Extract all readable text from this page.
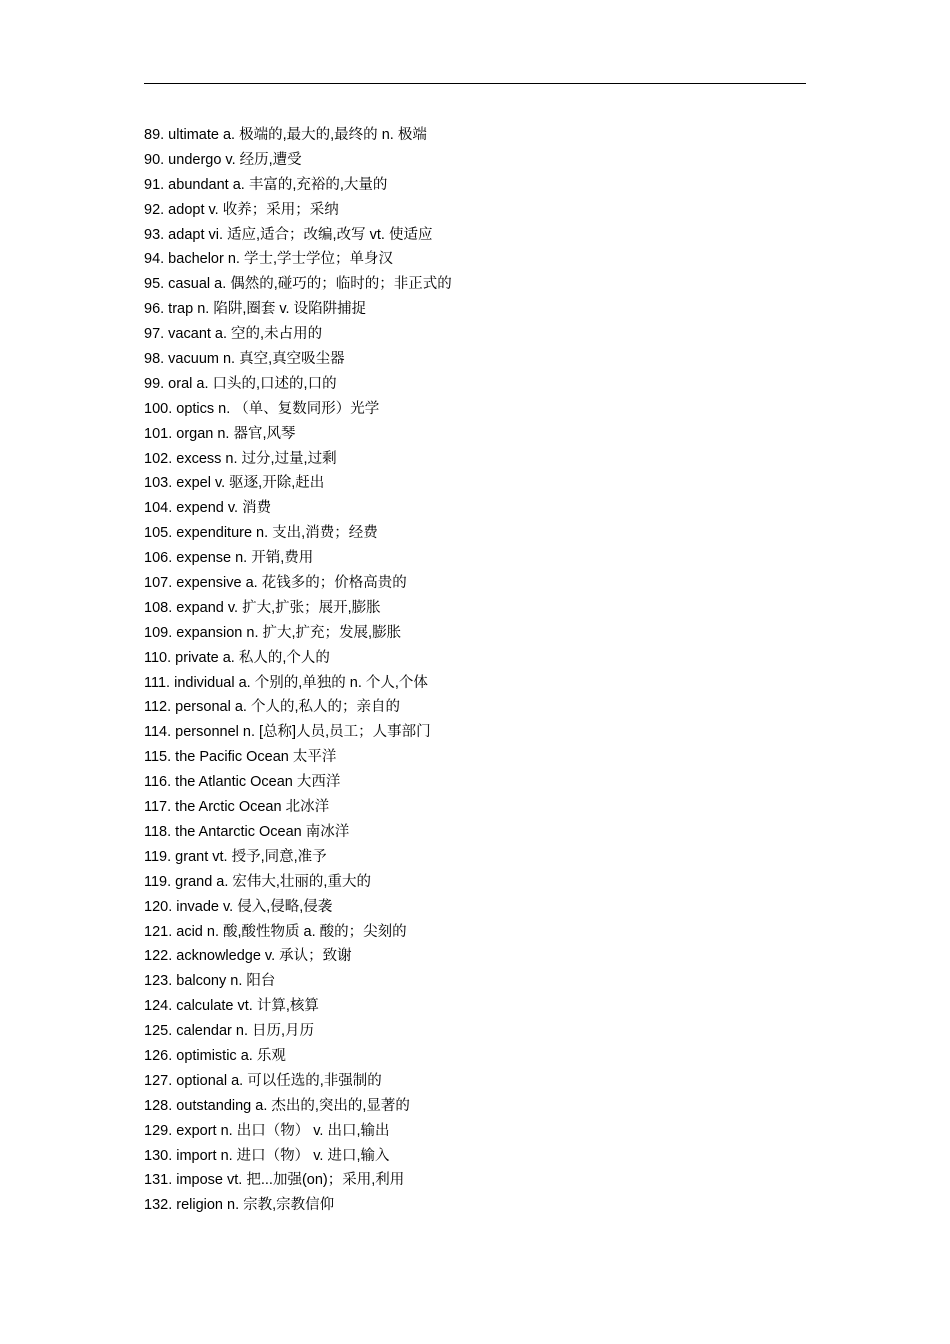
89. ultimate a. 极端的,最大的,最终的 n. 极端
90. undergo v. 经历,遭受
91. abundant a. 丰富的,充裕的,大量的
92. adopt v. 收养；采用；采纳
93. adapt vi. 适应,适合；改编,改写 vt. 使适应
94. bachelor n. 学士,学士学位；单身汉
95. casual a. 偶然的,碰巧的；临时的；非正式的
96. trap n. 陷阱,圈套 v. 设陷阱捕捉
97. vacant a. 空的,未占用的
98. vacuum n. 真空,真空吸尘器
99. oral a. 口头的,口述的,口的
100. optics n. （单、复数同形）光学
101. organ n. 器官,风琴
102. excess n. 过分,过量,过剩
103. expel v. 驱逐,开除,赶出
104. expend v. 消费
105. expenditure n. 支出,消费；经费
106. expense n. 开销,费用
107. expensive a. 花钱多的；价格高贵的
108. expand v. 扩大,扩张；展开,膨胀
109. expansion n. 扩大,扩充；发展,膨胀
110. private a. 私人的,个人的
111. individual a. 个别的,单独的 n. 个人,个体
112. personal a. 个人的,私人的；亲自的
114. personnel n. [总称]人员,员工；人事部门
115. the Pacific Ocean 太平洋
116. the Atlantic Ocean 大西洋
117. the Arctic Ocean 北冰洋
118. the Antarctic Ocean 南冰洋
119. grant vt. 授予,同意,准予
119. grand a. 宏伟大,壮丽的,重大的
120. invade v. 侵入,侵略,侵袭
121. acid n. 酸,酸性物质 a. 酸的；尖刻的
122. acknowledge v. 承认；致谢
123. balcony n. 阳台
124. calculate vt. 计算,核算
125. calendar n. 日历,月历
126. optimistic a. 乐观
127. optional a. 可以任选的,非强制的
128. outstanding a. 杰出的,突出的,显著的
129. export n. 出口（物） v. 出口,输出
130. import n. 进口（物） v. 进口,输入
131. impose vt. 把...加强(on)；采用,利用
132. religion n. 宗教,宗教信仰
